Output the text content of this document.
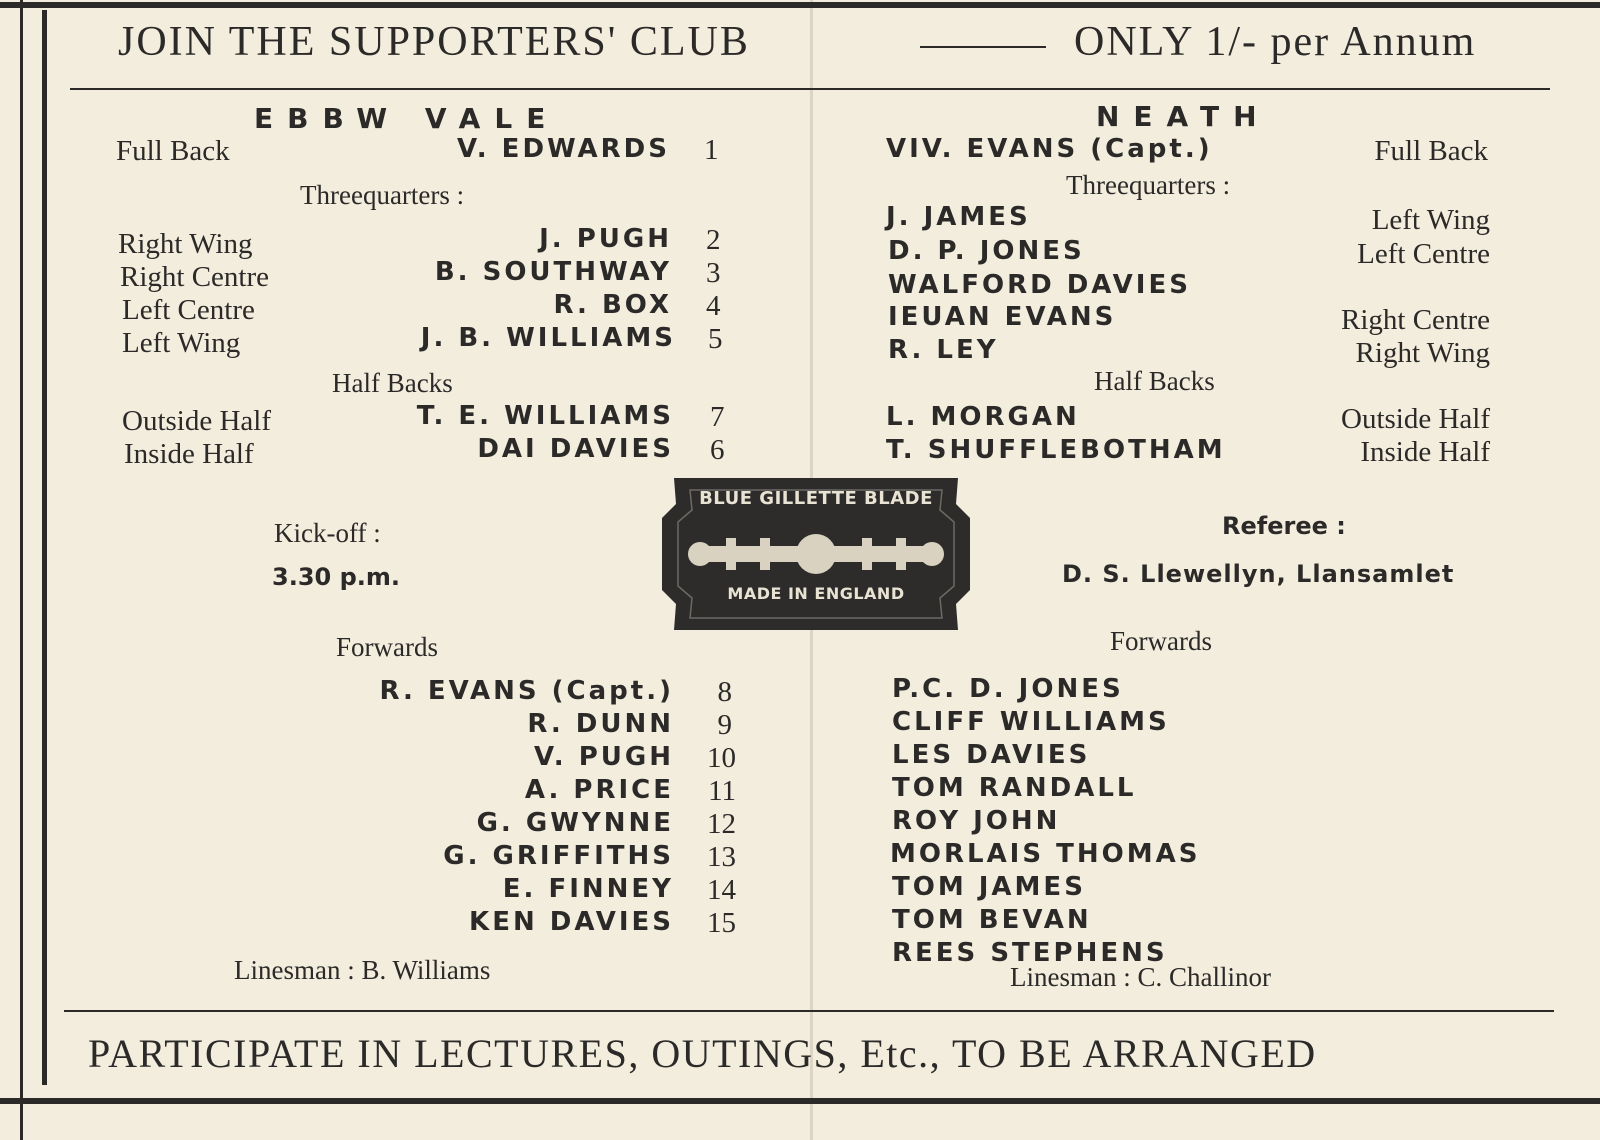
JOIN THE SUPPORTERS' CLUB	ONLY 1/- per Annum
EBBW VALE
Full Back	V. EDWARDS 1
Threequarters :
Right Wing	J. PUGH 2
Right Centre	B. SOUTHWAY 3
Left Centre	R. BOX 4
Left Wing	J. B. WILLIAMS 5
Half Backs
Outside Half	T. E. WILLIAMS 7
Inside Half	DAI DAVIES 6
Kick-off :
3.30 p.m.
Forwards
R. EVANS (Capt.) 8
R. DUNN 9
V. PUGH 10
A. PRICE 11
G. GWYNNE 12
G. GRIFFITHS 13
E. FINNEY 14
KEN DAVIES 15
Linesman : B. Williams
NEATH
VIV. EVANS (Capt.)	Full Back
Threequarters :
J. JAMES	Left Wing
D. P. JONES	Left Centre
WALFORD DAVIES
IEUAN EVANS	Right Centre
R. LEY	Right Wing
Half Backs
L. MORGAN	Outside Half
T. SHUFFLEBOTHAM	Inside Half
Referee :
D. S. Llewellyn, Llansamlet
Forwards
P.C. D. JONES
CLIFF WILLIAMS
LES DAVIES
TOM RANDALL
ROY JOHN
MORLAIS THOMAS
TOM JAMES
TOM BEVAN
REES STEPHENS
Linesman : C. Challinor
BLUE GILLETTE BLADE
MADE IN ENGLAND
PARTICIPATE IN LECTURES, OUTINGS, Etc., TO BE ARRANGED
